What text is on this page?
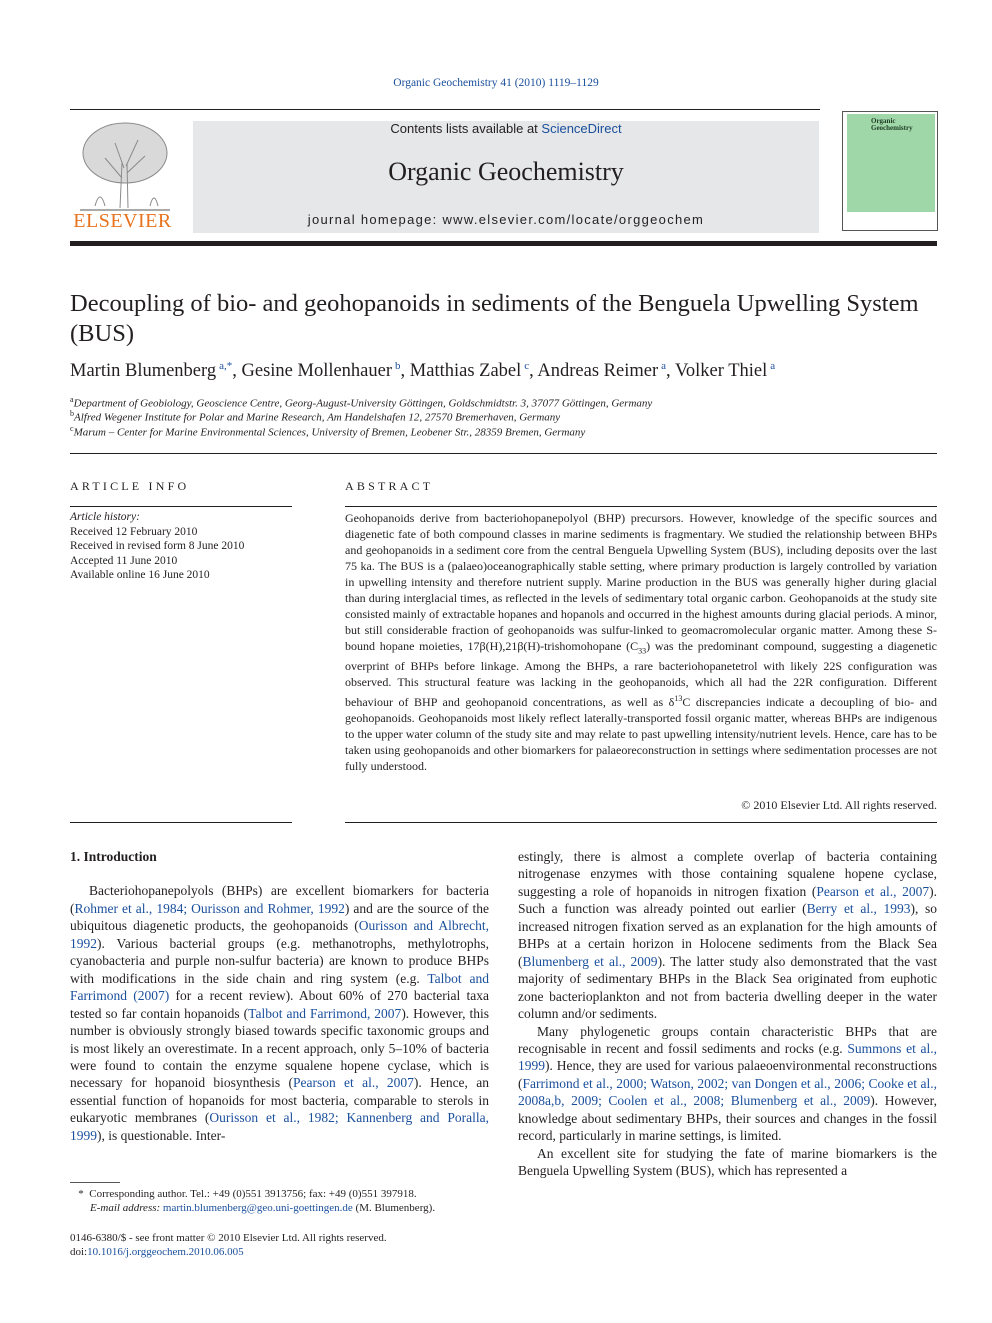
Organic Geochemistry 41 (2010) 1119–1129
ELSEVIER
Contents lists available at ScienceDirect
Organic Geochemistry
journal homepage: www.elsevier.com/locate/orggeochem
Organic Geochemistry
Decoupling of bio- and geohopanoids in sediments of the Benguela Upwelling System (BUS)
Martin Blumenberg $^{a,*}$, Gesine Mollenhauer $^b$, Matthias Zabel $^c$, Andreas Reimer $^a$, Volker Thiel $^a$
$^a$Department of Geobiology, Geoscience Centre, Georg-August-University Göttingen, Goldschmidtstr. 3, 37077 Göttingen, Germany
$^b$Alfred Wegener Institute for Polar and Marine Research, Am Handelshafen 12, 27570 Bremerhaven, Germany
$^c$Marum – Center for Marine Environmental Sciences, University of Bremen, Leobener Str., 28359 Bremen, Germany
ARTICLE INFO
Article history:
Received 12 February 2010
Received in revised form 8 June 2010
Accepted 11 June 2010
Available online 16 June 2010
ABSTRACT
Geohopanoids derive from bacteriohopanepolyol (BHP) precursors. However, knowledge of the specific sources and diagenetic fate of both compound classes in marine sediments is fragmentary. We studied the relationship between BHPs and geohopanoids in a sediment core from the central Benguela Upwelling System (BUS), including deposits over the last 75 ka. The BUS is a (palaeo)oceanographically stable setting, where primary production is largely controlled by variation in upwelling intensity and therefore nutrient supply. Marine production in the BUS was generally higher during glacial than during interglacial times, as reflected in the levels of sedimentary total organic carbon. Geohopanoids at the study site consisted mainly of extractable hopanes and hopanols and occurred in the highest amounts during glacial periods. A minor, but still considerable fraction of geohopanoids was sulfur-linked to geomacromolecular organic matter. Among these S-bound hopane moieties, 17β(H),21β(H)-trishomohopane $(C_{33})$ was the predominant compound, suggesting a diagenetic overprint of BHPs before linkage. Among the BHPs, a rare bacteriohopanetetrol with likely 22S configuration was observed. This structural feature was lacking in the geohopanoids, which all had the 22R configuration. Different behaviour of BHP and geohopanoid concentrations, as well as $\delta^{13}C$ discrepancies indicate a decoupling of bio- and geohopanoids. Geohopanoids most likely reflect laterally-transported fossil organic matter, whereas BHPs are indigenous to the upper water column of the study site and may relate to past upwelling intensity/nutrient levels. Hence, care has to be taken using geohopanoids and other biomarkers for palaeoreconstruction in settings where sedimentation processes are not fully understood.
© 2010 Elsevier Ltd. All rights reserved.

1. Introduction

Bacteriohopanepolyols (BHPs) are excellent biomarkers for bacteria (Rohmer et al., 1984; Ourisson and Rohmer, 1992) and are the source of the ubiquitous diagenetic products, the geohopanoids (Ourisson and Albrecht, 1992). Various bacterial groups (e.g. methanotrophs, methylotrophs, cyanobacteria and purple non-sulfur bacteria) are known to produce BHPs with modifications in the side chain and ring system (e.g. Talbot and Farrimond (2007) for a recent review). About 60% of 270 bacterial taxa tested so far contain hopanoids (Talbot and Farrimond, 2007). However, this number is obviously strongly biased towards specific taxonomic groups and is most likely an overestimate. In a recent approach, only 5–10% of bacteria were found to contain the enzyme squalene hopene cyclase, which is necessary for hopanoid biosynthesis (Pearson et al., 2007). Hence, an essential function of hopanoids for most bacteria, comparable to sterols in eukaryotic membranes (Ourisson et al., 1982; Kannenberg and Poralla, 1999), is questionable. Inter-

estingly, there is almost a complete overlap of bacteria containing nitrogenase enzymes with those containing squalene hopene cyclase, suggesting a role of hopanoids in nitrogen fixation (Pearson et al., 2007). Such a function was already pointed out earlier (Berry et al., 1993), so increased nitrogen fixation served as an explanation for the high amounts of BHPs at a certain horizon in Holocene sediments from the Black Sea (Blumenberg et al., 2009). The latter study also demonstrated that the vast majority of sedimentary BHPs in the Black Sea originated from euphotic zone bacterioplankton and not from bacteria dwelling deeper in the water column and/or sediments.

Many phylogenetic groups contain characteristic BHPs that are recognisable in recent and fossil sediments and rocks (e.g. Summons et al., 1999). Hence, they are used for various palaeoenvironmental reconstructions (Farrimond et al., 2000; Watson, 2002; van Dongen et al., 2006; Cooke et al., 2008a,b, 2009; Coolen et al., 2008; Blumenberg et al., 2009). However, knowledge about sedimentary BHPs, their sources and changes in the fossil record, particularly in marine settings, is limited.

An excellent site for studying the fate of marine biomarkers is the Benguela Upwelling System (BUS), which has represented a

* Corresponding author. Tel.: +49 (0)551 3913756; fax: +49 (0)551 397918.
E-mail address: martin.blumenberg@geo.uni-goettingen.de (M. Blumenberg).
0146-6380/$ - see front matter © 2010 Elsevier Ltd. All rights reserved.
doi:10.1016/j.orggeochem.2010.06.005
